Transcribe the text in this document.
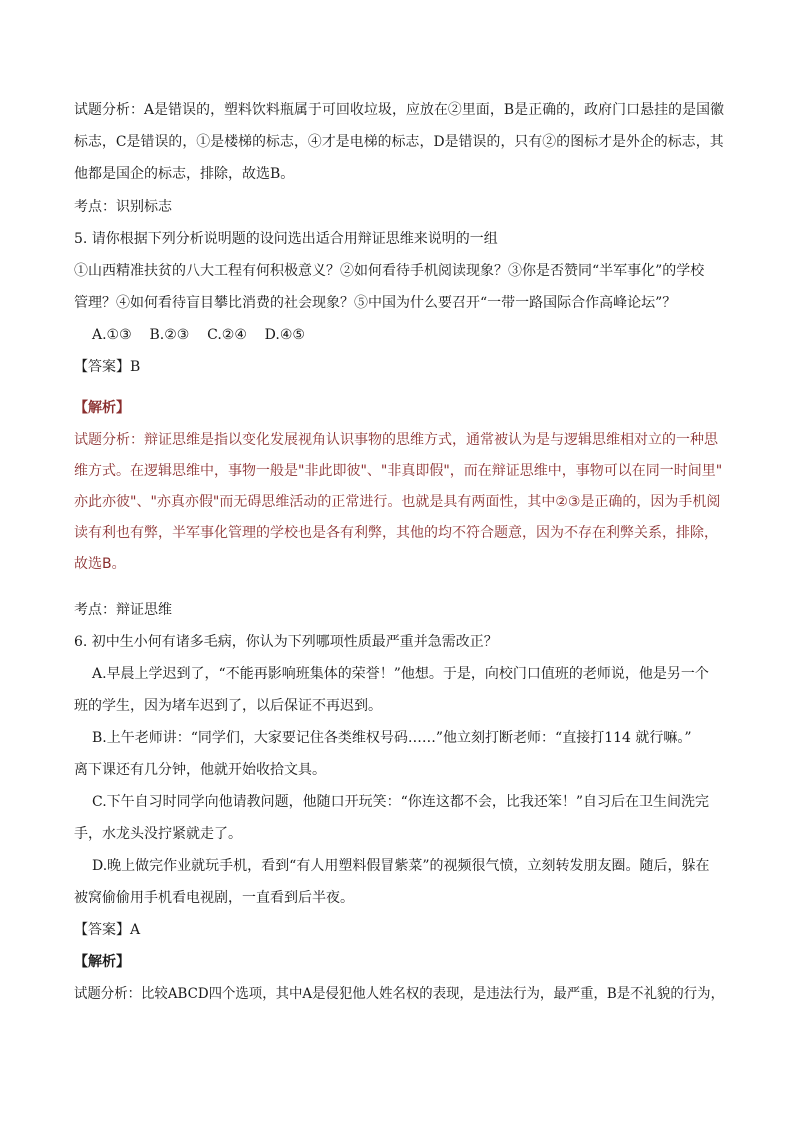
试题分析：A是错误的，塑料饮料瓶属于可回收垃圾，应放在②里面，B是正确的，政府门口悬挂的是国徽
标志，C是错误的，①是楼梯的标志，④才是电梯的标志，D是错误的，只有②的图标才是外企的标志，其
他都是国企的标志，排除，故选B。
考点：识别标志
5. 请你根据下列分析说明题的设问选出适合用辩证思维来说明的一组
①山西精准扶贫的八大工程有何积极意义？②如何看待手机阅读现象？③你是否赞同“半军事化”的学校
管理？④如何看待盲目攀比消费的社会现象？⑤中国为什么要召开“一带一路国际合作高峰论坛”？
A.①③    B.②③    C.②④    D.④⑤
【答案】B
【解析】
试题分析：辩证思维是指以变化发展视角认识事物的思维方式，通常被认为是与逻辑思维相对立的一种思
维方式。在逻辑思维中，事物一般是"非此即彼"、"非真即假"，而在辩证思维中，事物可以在同一时间里"
亦此亦彼"、"亦真亦假"而无碍思维活动的正常进行。也就是具有两面性，其中②③是正确的，因为手机阅
读有利也有弊，半军事化管理的学校也是各有利弊，其他的均不符合题意，因为不存在利弊关系，排除，
故选B。
考点：辩证思维
6. 初中生小何有诸多毛病，你认为下列哪项性质最严重并急需改正？
A.早晨上学迟到了，“不能再影响班集体的荣誉！”他想。于是，向校门口值班的老师说，他是另一个
班的学生，因为堵车迟到了，以后保证不再迟到。
B.上午老师讲：“同学们，大家要记住各类维权号码……”他立刻打断老师：“直接打114 就行嘛。”
离下课还有几分钟，他就开始收拾文具。
C.下午自习时同学向他请教问题，他随口开玩笑：“你连这都不会，比我还笨！”自习后在卫生间洗完
手，水龙头没拧紧就走了。
D.晚上做完作业就玩手机，看到“有人用塑料假冒紫菜”的视频很气愤，立刻转发朋友圈。随后，躲在
被窝偷偷用手机看电视剧，一直看到后半夜。
【答案】A
【解析】
试题分析：比较ABCD四个选项，其中A是侵犯他人姓名权的表现，是违法行为，最严重，B是不礼貌的行为，
